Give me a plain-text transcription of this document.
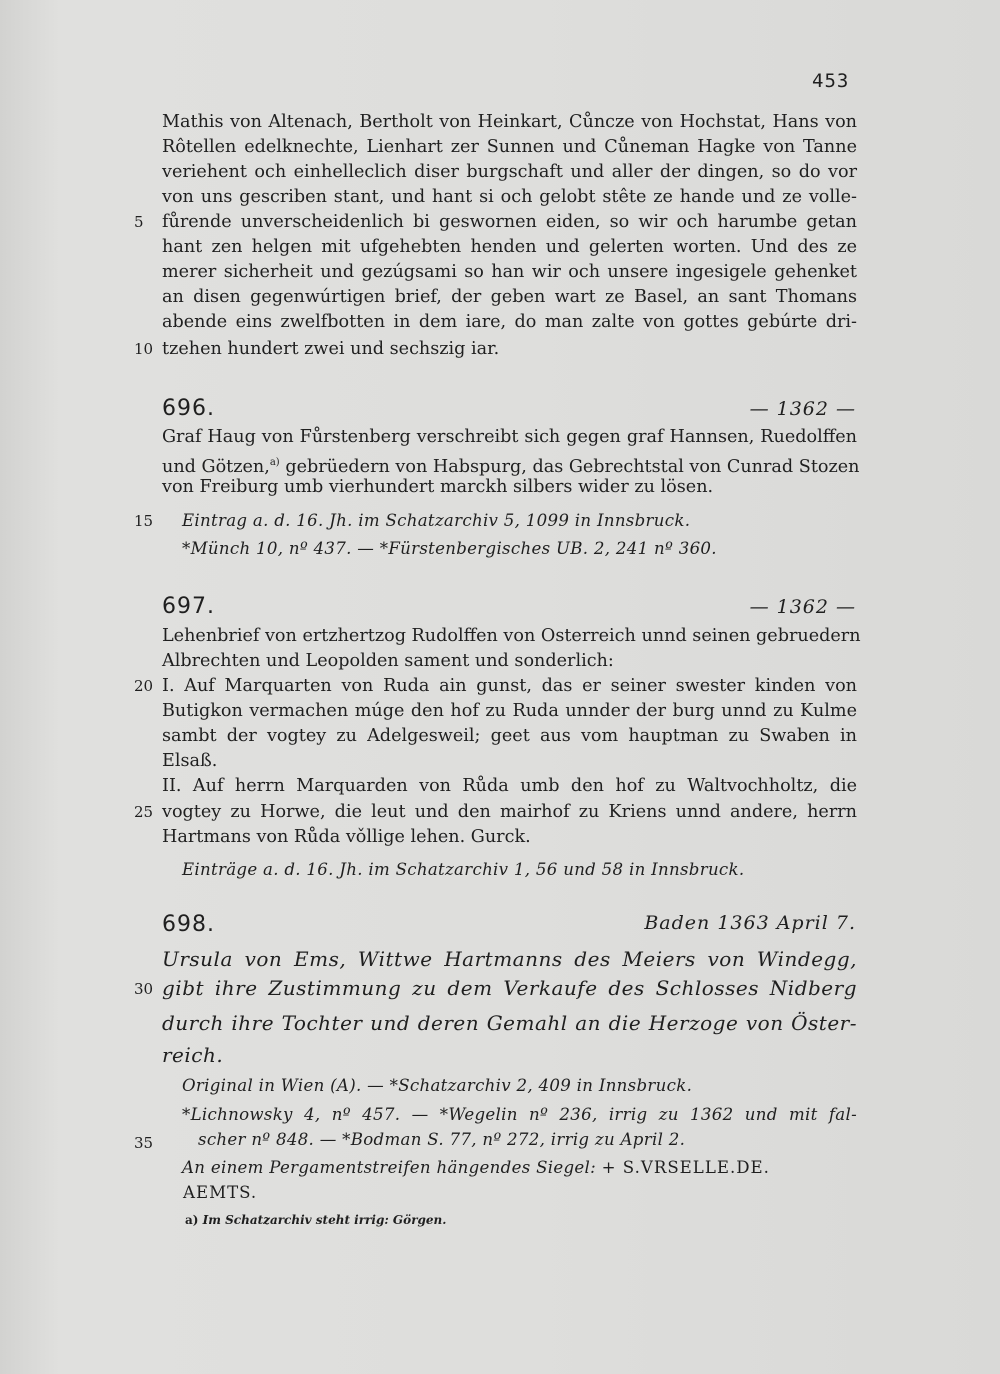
453
Mathis von Altenach, Bertholt von Heinkart, Cůncze von Hochstat, Hans von
Rôtellen edelknechte, Lienhart zer Sunnen und Cůneman Hagke von Tanne
veriehent och einhelleclich diser burgschaft und aller der dingen, so do vor
von uns gescriben stant, und hant si och gelobt stête ze hande und ze volle-
5 fůrende unverscheidenlich bi geswornen eiden, so wir och harumbe getan
hant zen helgen mit ufgehebten henden und gelerten worten. Und des ze
merer sicherheit und gezúgsami so han wir och unsere ingesigele gehenket
an disen gegenwúrtigen brief, der geben wart ze Basel, an sant Thomans
abende eins zwelfbotten in dem iare, do man zalte von gottes gebúrte dri-
10 tzehen hundert zwei und sechszig iar.
696.	— 1362 —
Graf Haug von Fůrstenberg verschreibt sich gegen graf Hannsen, Ruedolffen
und Götzen,$^{a)}$ gebrüedern von Habspurg, das Gebrechtstal von Cunrad Stozen
von Freiburg umb vierhundert marckh silbers wider zu lösen.
15 Eintrag a. d. 16. Jh. im Schatzarchiv 5, 1099 in Innsbruck.
*Münch 10, nº 437. — *Fürstenbergisches UB. 2, 241 nº 360.
697.	— 1362 —
Lehenbrief von ertzhertzog Rudolffen von Osterreich unnd seinen gebruedern
Albrechten und Leopolden sament und sonderlich:
20 I. Auf Marquarten von Ruda ain gunst, das er seiner swester kinden von
Butigkon vermachen múge den hof zu Ruda unnder der burg unnd zu Kulme
sambt der vogtey zu Adelgesweil; geet aus vom hauptman zu Swaben in
Elsaß.
II. Auf herrn Marquarden von Růda umb den hof zu Waltvochholtz, die
25 vogtey zu Horwe, die leut und den mairhof zu Kriens unnd andere, herrn
Hartmans von Růda vǒllige lehen. Gurck.
Einträge a. d. 16. Jh. im Schatzarchiv 1, 56 und 58 in Innsbruck.
698.	Baden 1363 April 7.
Ursula von Ems, Wittwe Hartmanns des Meiers von Windegg,
30 gibt ihre Zustimmung zu dem Verkaufe des Schlosses Nidberg
durch ihre Tochter und deren Gemahl an die Herzoge von Öster-
reich.
Original in Wien (A). — *Schatzarchiv 2, 409 in Innsbruck.
*Lichnowsky 4, nº 457. — *Wegelin nº 236, irrig zu 1362 und mit fal-
35	scher nº 848. — *Bodman S. 77, nº 272, irrig zu April 2.
An einem Pergamentstreifen hängendes Siegel: + S.VRSELLE.DE.
AEMTS.
a) Im Schatzarchiv steht irrig: Görgen.
